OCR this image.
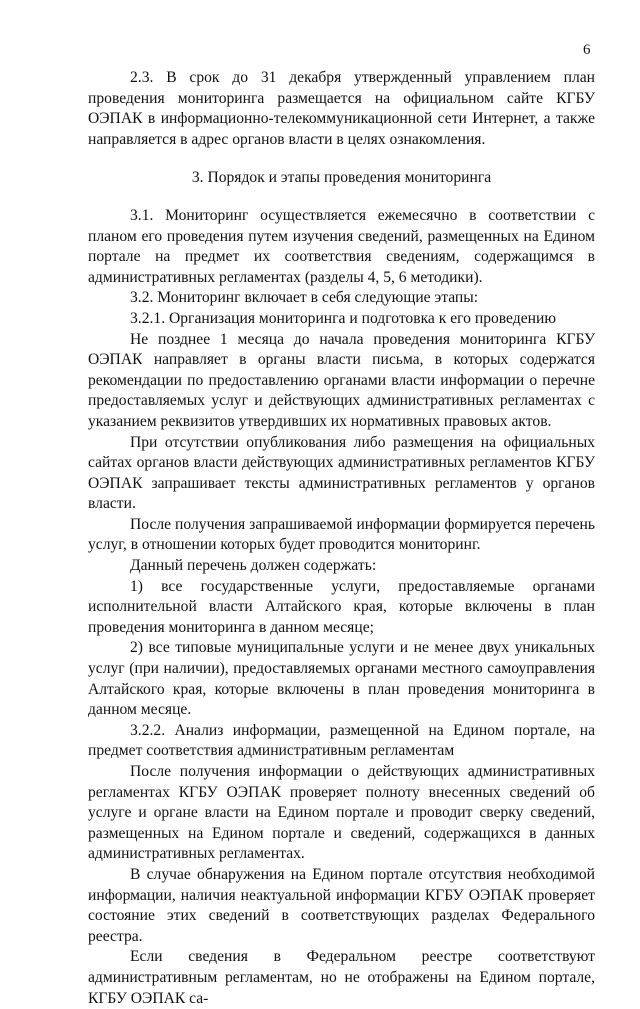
6

2.3. В срок до 31 декабря утвержденный управлением план проведения мониторинга размещается на официальном сайте КГБУ ОЭПАК в информационно-телекоммуникационной сети Интернет, а также направляется в адрес органов власти в целях ознакомления.

3. Порядок и этапы проведения мониторинга

3.1. Мониторинг осуществляется ежемесячно в соответствии с планом его проведения путем изучения сведений, размещенных на Едином портале на предмет их соответствия сведениям, содержащимся в административных регламентах (разделы 4, 5, 6 методики).

3.2. Мониторинг включает в себя следующие этапы:

3.2.1. Организация мониторинга и подготовка к его проведению

Не позднее 1 месяца до начала проведения мониторинга КГБУ ОЭПАК направляет в органы власти письма, в которых содержатся рекомендации по предоставлению органами власти информации о перечне предоставляемых услуг и действующих административных регламентах с указанием реквизитов утвердивших их нормативных правовых актов.

При отсутствии опубликования либо размещения на официальных сайтах органов власти действующих административных регламентов КГБУ ОЭПАК запрашивает тексты административных регламентов у органов власти.

После получения запрашиваемой информации формируется перечень услуг, в отношении которых будет проводится мониторинг.

Данный перечень должен содержать:

1) все государственные услуги, предоставляемые органами исполнительной власти Алтайского края, которые включены в план проведения мониторинга в данном месяце;

2) все типовые муниципальные услуги и не менее двух уникальных услуг (при наличии), предоставляемых органами местного самоуправления Алтайского края, которые включены в план проведения мониторинга в данном месяце.

3.2.2. Анализ информации, размещенной на Едином портале, на предмет соответствия административным регламентам

После получения информации о действующих административных регламентах КГБУ ОЭПАК проверяет полноту внесенных сведений об услуге и органе власти на Едином портале и проводит сверку сведений, размещенных на Едином портале и сведений, содержащихся в данных административных регламентах.

В случае обнаружения на Едином портале отсутствия необходимой информации, наличия неактуальной информации КГБУ ОЭПАК проверяет состояние этих сведений в соответствующих разделах Федерального реестра.

Если сведения в Федеральном реестре соответствуют административным регламентам, но не отображены на Едином портале, КГБУ ОЭПАК са-
